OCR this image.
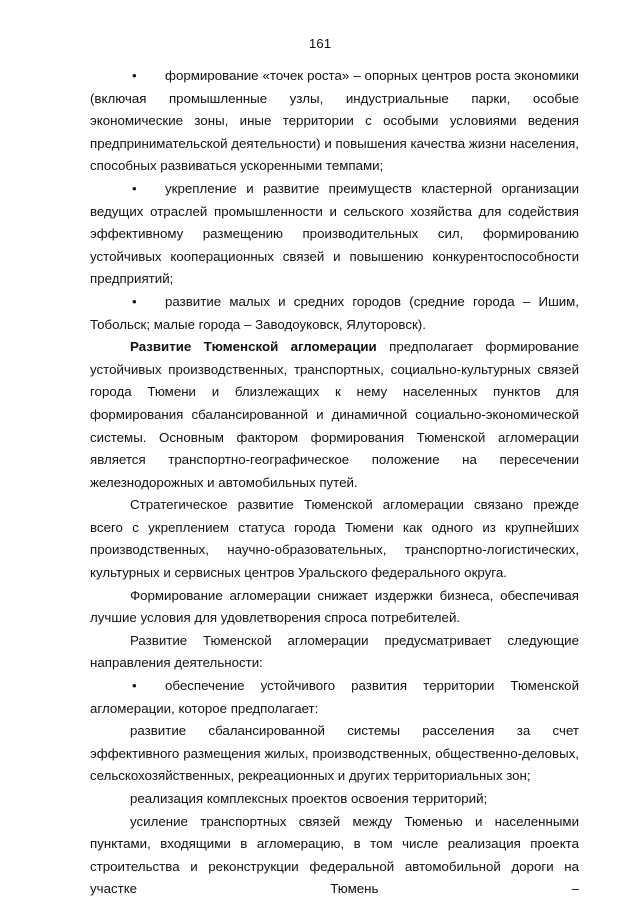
161
•	формирование «точек роста» – опорных центров роста экономики

(включая промышленные узлы, индустриальные парки, особые экономические зоны, иные территории с особыми условиями ведения предпринимательской деятельности) и повышения качества жизни населения, способных развиваться ускоренными темпами;

•	укрепление и развитие преимуществ кластерной организации

ведущих отраслей промышленности и сельского хозяйства для содействия эффективному размещению производительных сил, формированию устойчивых кооперационных связей и повышению конкурентоспособности предприятий;

•	развитие малых и средних городов (средние города – Ишим,

Тобольск; малые города – Заводоуковск, Ялуторовск).

Развитие Тюменской агломерации предполагает формирование устойчивых производственных, транспортных, социально-культурных связей города Тюмени и близлежащих к нему населенных пунктов для формирования сбалансированной и динамичной социально-экономической системы. Основным фактором формирования Тюменской агломерации является транспортно-географическое положение на пересечении железнодорожных и автомобильных путей.

Стратегическое развитие Тюменской агломерации связано прежде всего с укреплением статуса города Тюмени как одного из крупнейших производственных, научно-образовательных, транспортно-логистических, культурных и сервисных центров Уральского федерального округа.

Формирование агломерации снижает издержки бизнеса, обеспечивая лучшие условия для удовлетворения спроса потребителей.

Развитие Тюменской агломерации предусматривает следующие направления деятельности:

•	обеспечение устойчивого развития территории Тюменской

агломерации, которое предполагает:

развитие сбалансированной системы расселения за счет эффективного размещения жилых, производственных, общественно-деловых, сельскохозяйственных, рекреационных и других территориальных зон;

реализация комплексных проектов освоения территорий;

усиление транспортных связей между Тюменью и населенными пунктами, входящими в агломерацию, в том числе реализация проекта строительства и реконструкции федеральной автомобильной дороги на участке Тюмень –
